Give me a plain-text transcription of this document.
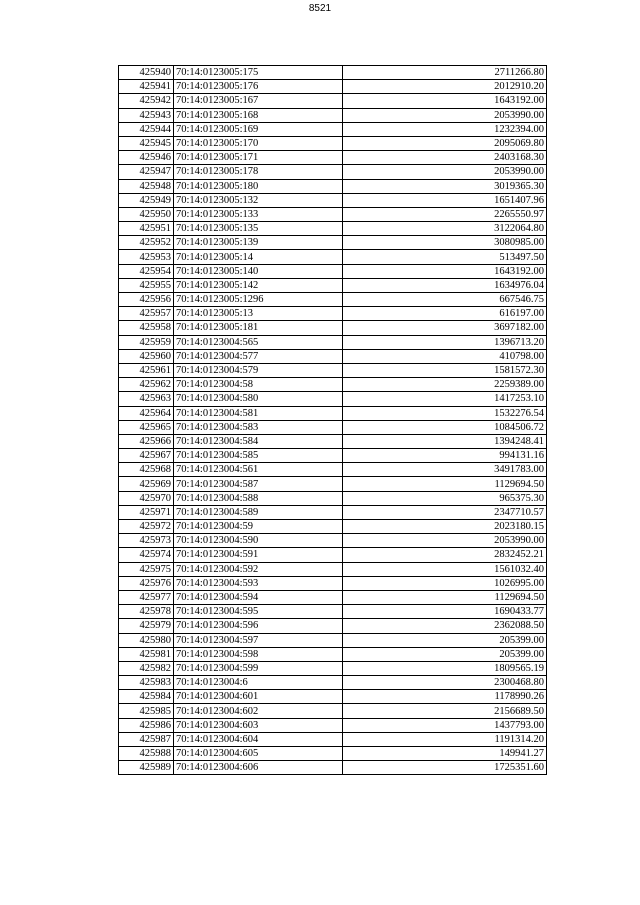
8521
425940	70:14:0123005:175	2711266.80
425941	70:14:0123005:176	2012910.20
425942	70:14:0123005:167	1643192.00
425943	70:14:0123005:168	2053990.00
425944	70:14:0123005:169	1232394.00
425945	70:14:0123005:170	2095069.80
425946	70:14:0123005:171	2403168.30
425947	70:14:0123005:178	2053990.00
425948	70:14:0123005:180	3019365.30
425949	70:14:0123005:132	1651407.96
425950	70:14:0123005:133	2265550.97
425951	70:14:0123005:135	3122064.80
425952	70:14:0123005:139	3080985.00
425953	70:14:0123005:14	513497.50
425954	70:14:0123005:140	1643192.00
425955	70:14:0123005:142	1634976.04
425956	70:14:0123005:1296	667546.75
425957	70:14:0123005:13	616197.00
425958	70:14:0123005:181	3697182.00
425959	70:14:0123004:565	1396713.20
425960	70:14:0123004:577	410798.00
425961	70:14:0123004:579	1581572.30
425962	70:14:0123004:58	2259389.00
425963	70:14:0123004:580	1417253.10
425964	70:14:0123004:581	1532276.54
425965	70:14:0123004:583	1084506.72
425966	70:14:0123004:584	1394248.41
425967	70:14:0123004:585	994131.16
425968	70:14:0123004:561	3491783.00
425969	70:14:0123004:587	1129694.50
425970	70:14:0123004:588	965375.30
425971	70:14:0123004:589	2347710.57
425972	70:14:0123004:59	2023180.15
425973	70:14:0123004:590	2053990.00
425974	70:14:0123004:591	2832452.21
425975	70:14:0123004:592	1561032.40
425976	70:14:0123004:593	1026995.00
425977	70:14:0123004:594	1129694.50
425978	70:14:0123004:595	1690433.77
425979	70:14:0123004:596	2362088.50
425980	70:14:0123004:597	205399.00
425981	70:14:0123004:598	205399.00
425982	70:14:0123004:599	1809565.19
425983	70:14:0123004:6	2300468.80
425984	70:14:0123004:601	1178990.26
425985	70:14:0123004:602	2156689.50
425986	70:14:0123004:603	1437793.00
425987	70:14:0123004:604	1191314.20
425988	70:14:0123004:605	149941.27
425989	70:14:0123004:606	1725351.60
